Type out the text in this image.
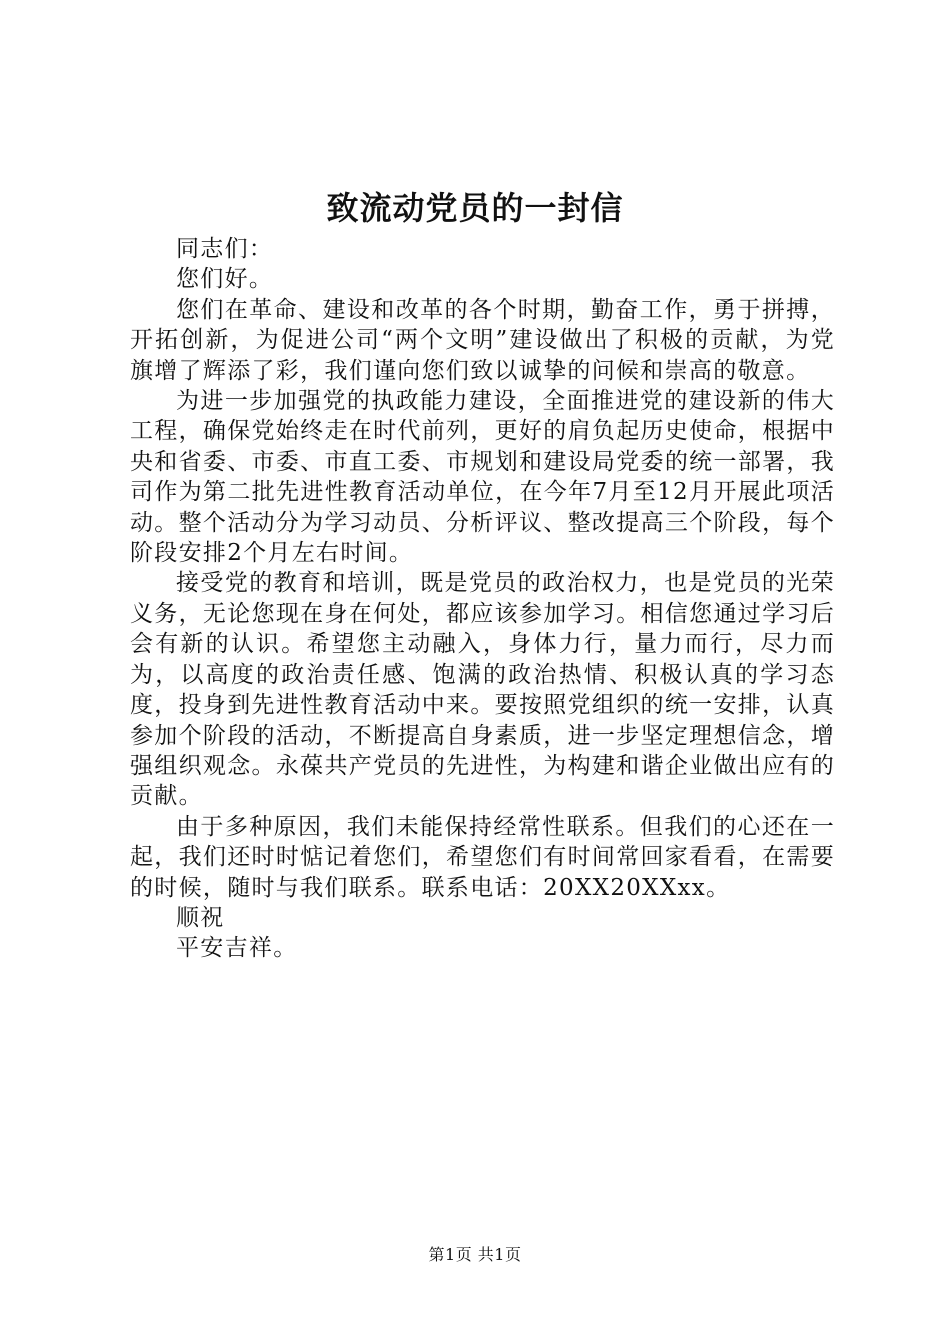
致流动党员的一封信

同志们：

您们好。

您们在革命、建设和改革的各个时期，勤奋工作，勇于拼搏，开拓创新，为促进公司“两个文明”建设做出了积极的贡献，为党旗增了辉添了彩，我们谨向您们致以诚挚的问候和崇高的敬意。

为进一步加强党的执政能力建设，全面推进党的建设新的伟大工程，确保党始终走在时代前列，更好的肩负起历史使命，根据中央和省委、市委、市直工委、市规划和建设局党委的统一部署，我司作为第二批先进性教育活动单位，在今年7月至12月开展此项活动。整个活动分为学习动员、分析评议、整改提高三个阶段，每个阶段安排2个月左右时间。

接受党的教育和培训，既是党员的政治权力，也是党员的光荣义务，无论您现在身在何处，都应该参加学习。相信您通过学习后会有新的认识。希望您主动融入，身体力行，量力而行，尽力而为，以高度的政治责任感、饱满的政治热情、积极认真的学习态度，投身到先进性教育活动中来。要按照党组织的统一安排，认真参加个阶段的活动，不断提高自身素质，进一步坚定理想信念，增强组织观念。永葆共产党员的先进性，为构建和谐企业做出应有的贡献。

由于多种原因，我们未能保持经常性联系。但我们的心还在一起，我们还时时惦记着您们，希望您们有时间常回家看看，在需要的时候，随时与我们联系。联系电话：20XX20XXxx。

顺祝

平安吉祥。

第1页 共1页
